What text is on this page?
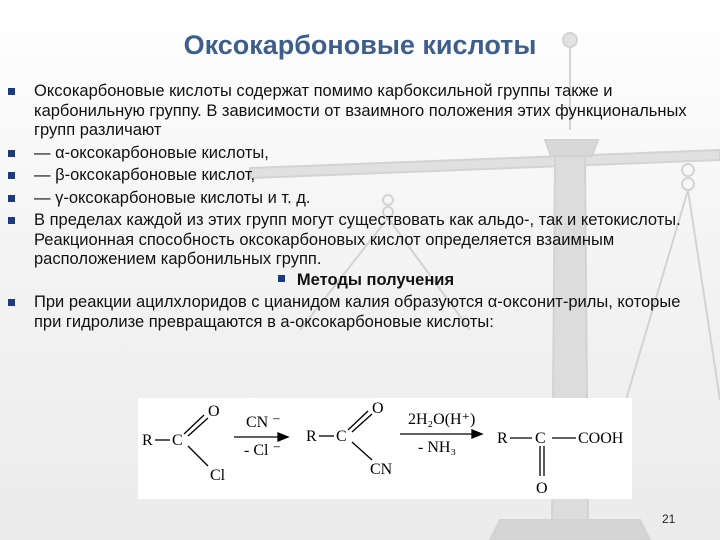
Оксокарбоновые кислоты
Оксокарбоновые кислоты содержат помимо карбоксильной группы также и карбонильную группу. В зависимости от взаимного положения этих функциональных групп различают
— α-оксокарбоновые кислоты,
— β-оксокарбоновые кислот,
— γ-оксокарбоновые кислоты и т. д.
В пределах каждой из этих групп могут существовать как альдо-, так и кетокислоты. Реакционная способность оксокарбоновых кислот определяется взаимным расположением карбонильных групп.
Методы получения
При реакции ацилхлоридов с цианидом калия образуются α-оксонит-рилы, которые при гидролизе превращаются в а-оксокарбоновые кислоты:
R C
O
Cl
CN ⁻
- Cl ⁻
R C
O
CN
2H₂O(H⁺)
- NH₃
R C COOH
O
21
